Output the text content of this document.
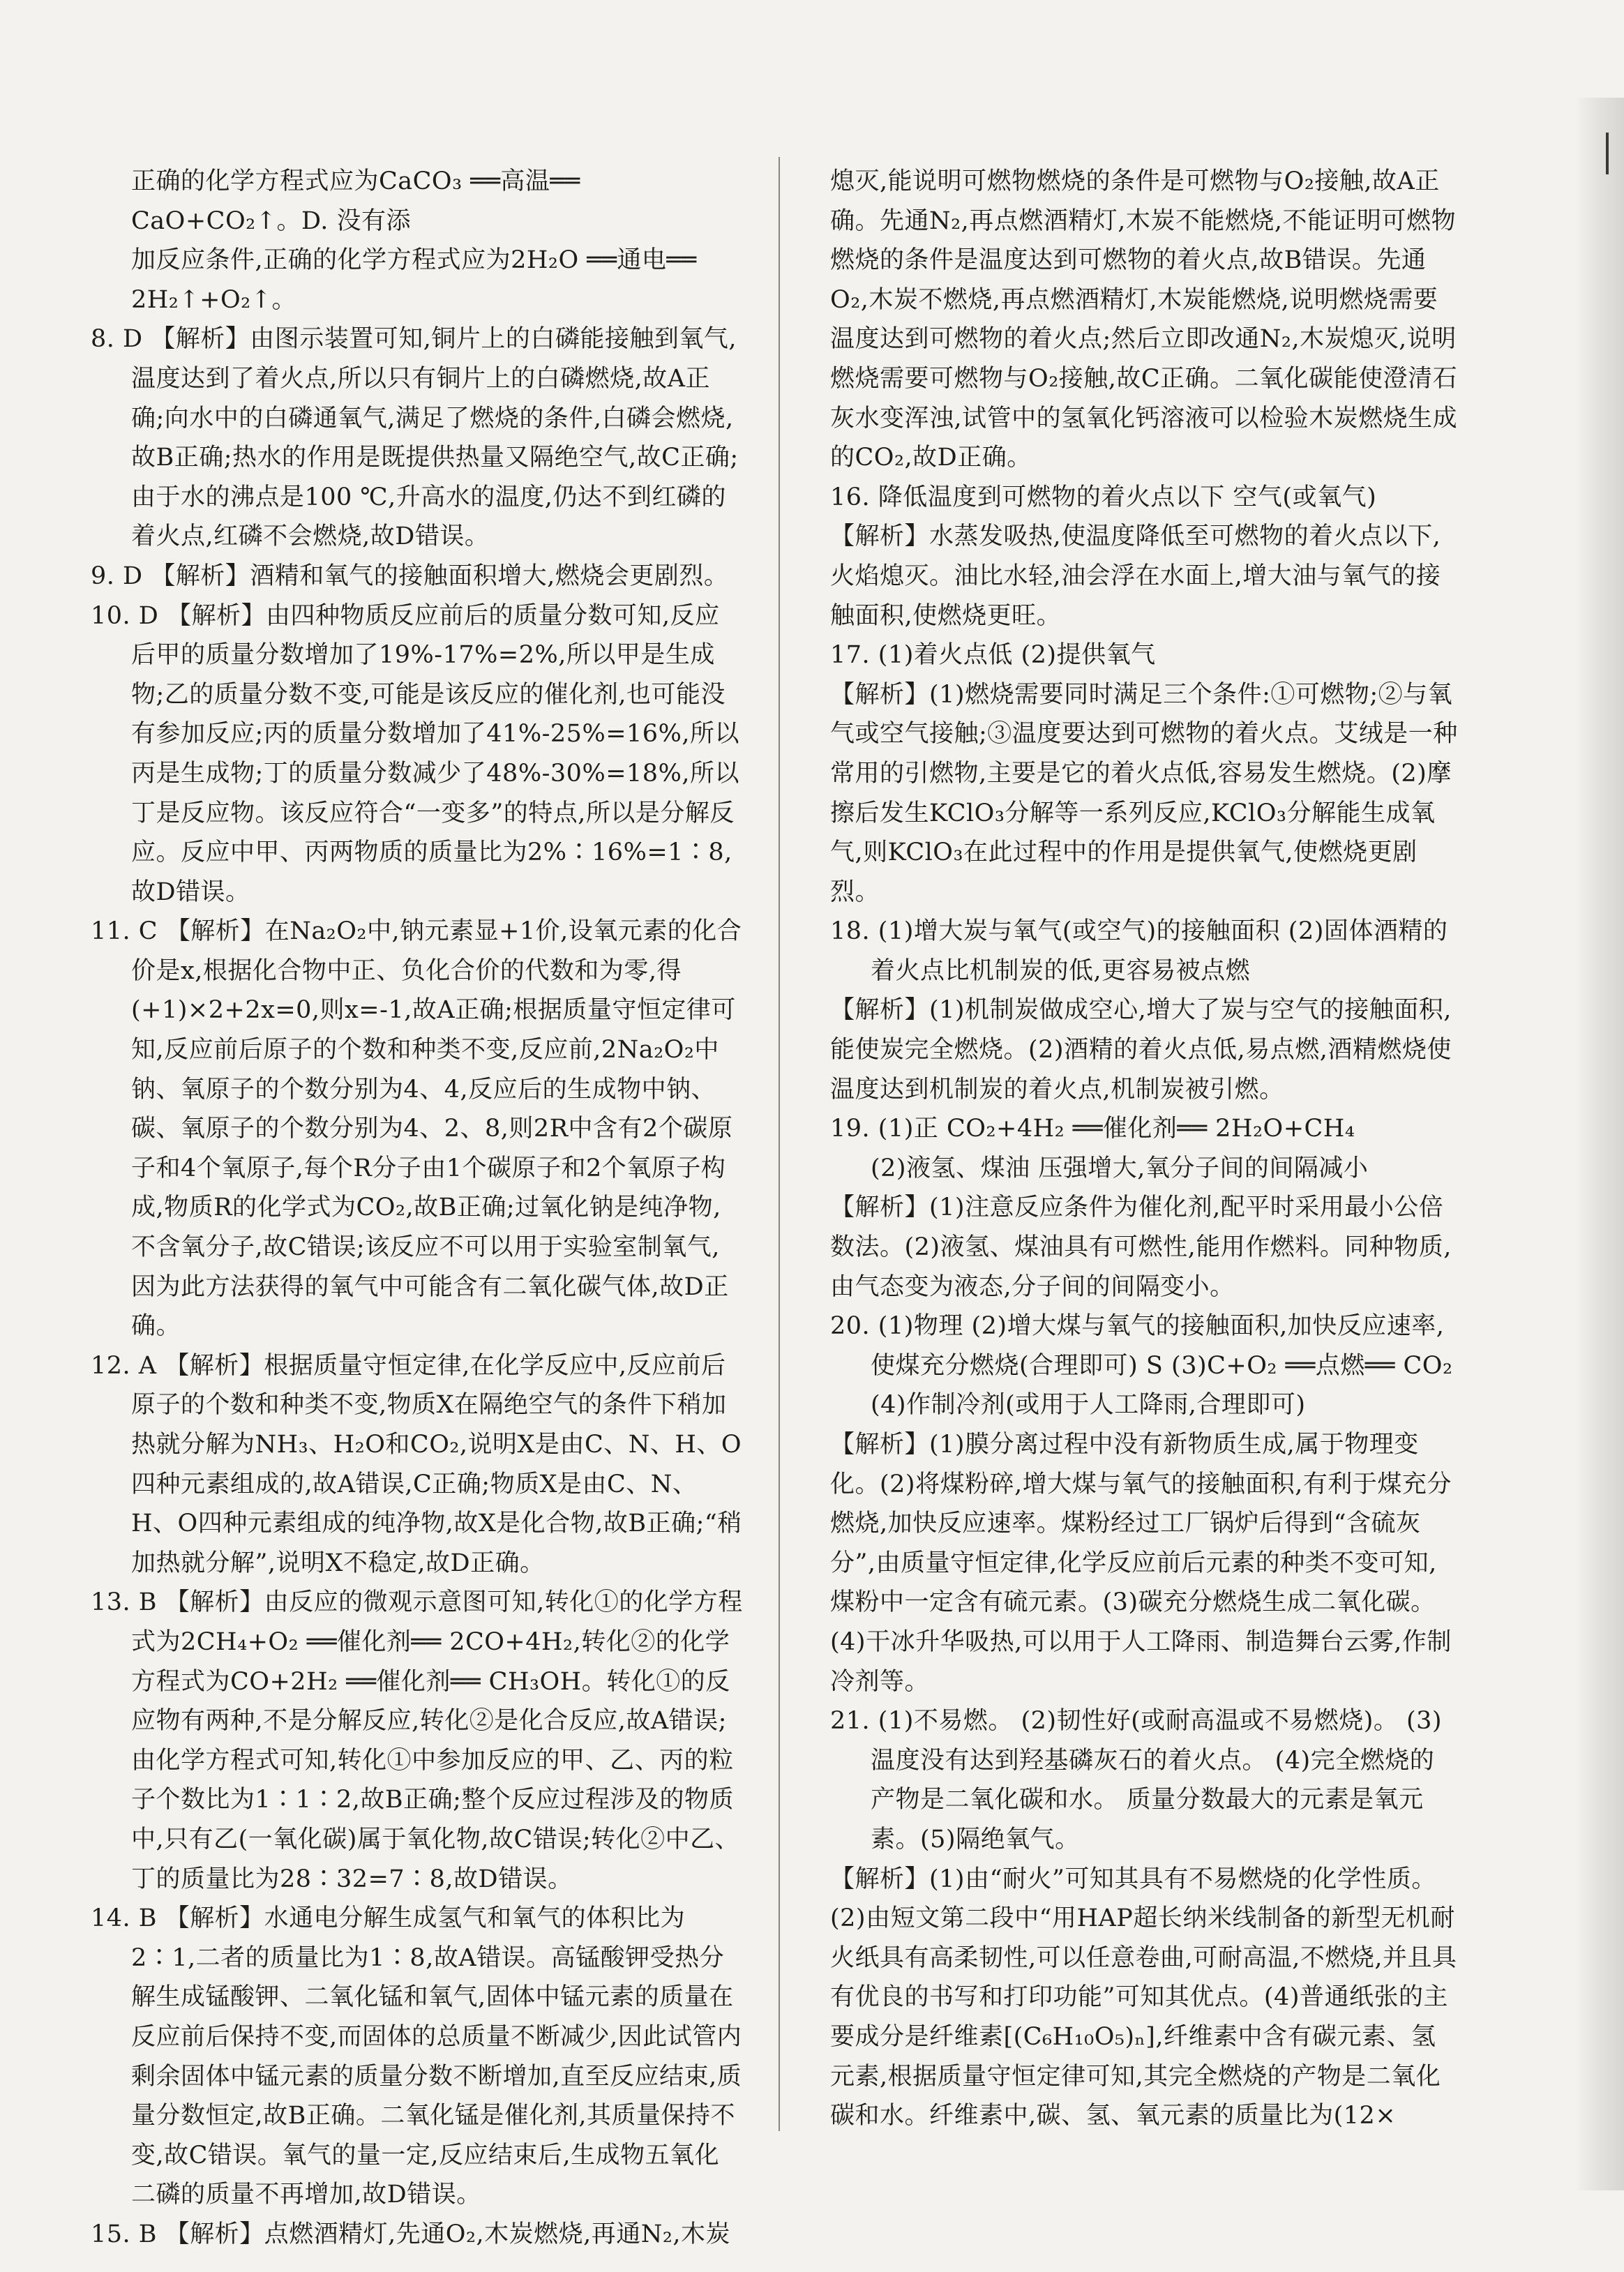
正确的化学方程式应为CaCO₃ ══高温══ CaO+CO₂↑。D. 没有添

加反应条件,正确的化学方程式应为2H₂O ══通电══ 2H₂↑+O₂↑。

8. D 【解析】由图示装置可知,铜片上的白磷能接触到氧气,温度达到了着火点,所以只有铜片上的白磷燃烧,故A正确;向水中的白磷通氧气,满足了燃烧的条件,白磷会燃烧,故B正确;热水的作用是既提供热量又隔绝空气,故C正确;由于水的沸点是100 ℃,升高水的温度,仍达不到红磷的着火点,红磷不会燃烧,故D错误。

9. D 【解析】酒精和氧气的接触面积增大,燃烧会更剧烈。

10. D 【解析】由四种物质反应前后的质量分数可知,反应后甲的质量分数增加了19%-17%=2%,所以甲是生成物;乙的质量分数不变,可能是该反应的催化剂,也可能没有参加反应;丙的质量分数增加了41%-25%=16%,所以丙是生成物;丁的质量分数减少了48%-30%=18%,所以丁是反应物。该反应符合“一变多”的特点,所以是分解反应。反应中甲、丙两物质的质量比为2%∶16%=1∶8,故D错误。

11. C 【解析】在Na₂O₂中,钠元素显+1价,设氧元素的化合价是x,根据化合物中正、负化合价的代数和为零,得(+1)×2+2x=0,则x=-1,故A正确;根据质量守恒定律可知,反应前后原子的个数和种类不变,反应前,2Na₂O₂中钠、氧原子的个数分别为4、4,反应后的生成物中钠、碳、氧原子的个数分别为4、2、8,则2R中含有2个碳原子和4个氧原子,每个R分子由1个碳原子和2个氧原子构成,物质R的化学式为CO₂,故B正确;过氧化钠是纯净物,不含氧分子,故C错误;该反应不可以用于实验室制氧气,因为此方法获得的氧气中可能含有二氧化碳气体,故D正确。

12. A 【解析】根据质量守恒定律,在化学反应中,反应前后原子的个数和种类不变,物质X在隔绝空气的条件下稍加热就分解为NH₃、H₂O和CO₂,说明X是由C、N、H、O四种元素组成的,故A错误,C正确;物质X是由C、N、H、O四种元素组成的纯净物,故X是化合物,故B正确;“稍加热就分解”,说明X不稳定,故D正确。

13. B 【解析】由反应的微观示意图可知,转化①的化学方程式为2CH₄+O₂ ══催化剂══ 2CO+4H₂,转化②的化学方程式为CO+2H₂ ══催化剂══ CH₃OH。转化①的反应物有两种,不是分解反应,转化②是化合反应,故A错误;由化学方程式可知,转化①中参加反应的甲、乙、丙的粒子个数比为1∶1∶2,故B正确;整个反应过程涉及的物质中,只有乙(一氧化碳)属于氧化物,故C错误;转化②中乙、丁的质量比为28∶32=7∶8,故D错误。

14. B 【解析】水通电分解生成氢气和氧气的体积比为2∶1,二者的质量比为1∶8,故A错误。高锰酸钾受热分解生成锰酸钾、二氧化锰和氧气,固体中锰元素的质量在反应前后保持不变,而固体的总质量不断减少,因此试管内剩余固体中锰元素的质量分数不断增加,直至反应结束,质量分数恒定,故B正确。二氧化锰是催化剂,其质量保持不变,故C错误。氧气的量一定,反应结束后,生成物五氧化二磷的质量不再增加,故D错误。

15. B 【解析】点燃酒精灯,先通O₂,木炭燃烧,再通N₂,木炭

熄灭,能说明可燃物燃烧的条件是可燃物与O₂接触,故A正确。先通N₂,再点燃酒精灯,木炭不能燃烧,不能证明可燃物燃烧的条件是温度达到可燃物的着火点,故B错误。先通O₂,木炭不燃烧,再点燃酒精灯,木炭能燃烧,说明燃烧需要温度达到可燃物的着火点;然后立即改通N₂,木炭熄灭,说明燃烧需要可燃物与O₂接触,故C正确。二氧化碳能使澄清石灰水变浑浊,试管中的氢氧化钙溶液可以检验木炭燃烧生成的CO₂,故D正确。

16. 降低温度到可燃物的着火点以下 空气(或氧气)

【解析】水蒸发吸热,使温度降低至可燃物的着火点以下,火焰熄灭。油比水轻,油会浮在水面上,增大油与氧气的接触面积,使燃烧更旺。

17. (1)着火点低 (2)提供氧气

【解析】(1)燃烧需要同时满足三个条件:①可燃物;②与氧气或空气接触;③温度要达到可燃物的着火点。艾绒是一种常用的引燃物,主要是它的着火点低,容易发生燃烧。(2)摩擦后发生KClO₃分解等一系列反应,KClO₃分解能生成氧气,则KClO₃在此过程中的作用是提供氧气,使燃烧更剧烈。

18. (1)增大炭与氧气(或空气)的接触面积 (2)固体酒精的着火点比机制炭的低,更容易被点燃

【解析】(1)机制炭做成空心,增大了炭与空气的接触面积,能使炭完全燃烧。(2)酒精的着火点低,易点燃,酒精燃烧使温度达到机制炭的着火点,机制炭被引燃。

19. (1)正 CO₂+4H₂ ══催化剂══ 2H₂O+CH₄

(2)液氢、煤油 压强增大,氧分子间的间隔减小

【解析】(1)注意反应条件为催化剂,配平时采用最小公倍数法。(2)液氢、煤油具有可燃性,能用作燃料。同种物质,由气态变为液态,分子间的间隔变小。

20. (1)物理 (2)增大煤与氧气的接触面积,加快反应速率,使煤充分燃烧(合理即可) S (3)C+O₂ ══点燃══ CO₂

(4)作制冷剂(或用于人工降雨,合理即可)

【解析】(1)膜分离过程中没有新物质生成,属于物理变化。(2)将煤粉碎,增大煤与氧气的接触面积,有利于煤充分燃烧,加快反应速率。煤粉经过工厂锅炉后得到“含硫灰分”,由质量守恒定律,化学反应前后元素的种类不变可知,煤粉中一定含有硫元素。(3)碳充分燃烧生成二氧化碳。(4)干冰升华吸热,可以用于人工降雨、制造舞台云雾,作制冷剂等。

21. (1)不易燃。 (2)韧性好(或耐高温或不易燃烧)。 (3)温度没有达到羟基磷灰石的着火点。 (4)完全燃烧的产物是二氧化碳和水。 质量分数最大的元素是氧元素。(5)隔绝氧气。

【解析】(1)由“耐火”可知其具有不易燃烧的化学性质。(2)由短文第二段中“用HAP超长纳米线制备的新型无机耐火纸具有高柔韧性,可以任意卷曲,可耐高温,不燃烧,并且具有优良的书写和打印功能”可知其优点。(4)普通纸张的主要成分是纤维素[(C₆H₁₀O₅)ₙ],纤维素中含有碳元素、氢元素,根据质量守恒定律可知,其完全燃烧的产物是二氧化碳和水。纤维素中,碳、氢、氧元素的质量比为(12×
